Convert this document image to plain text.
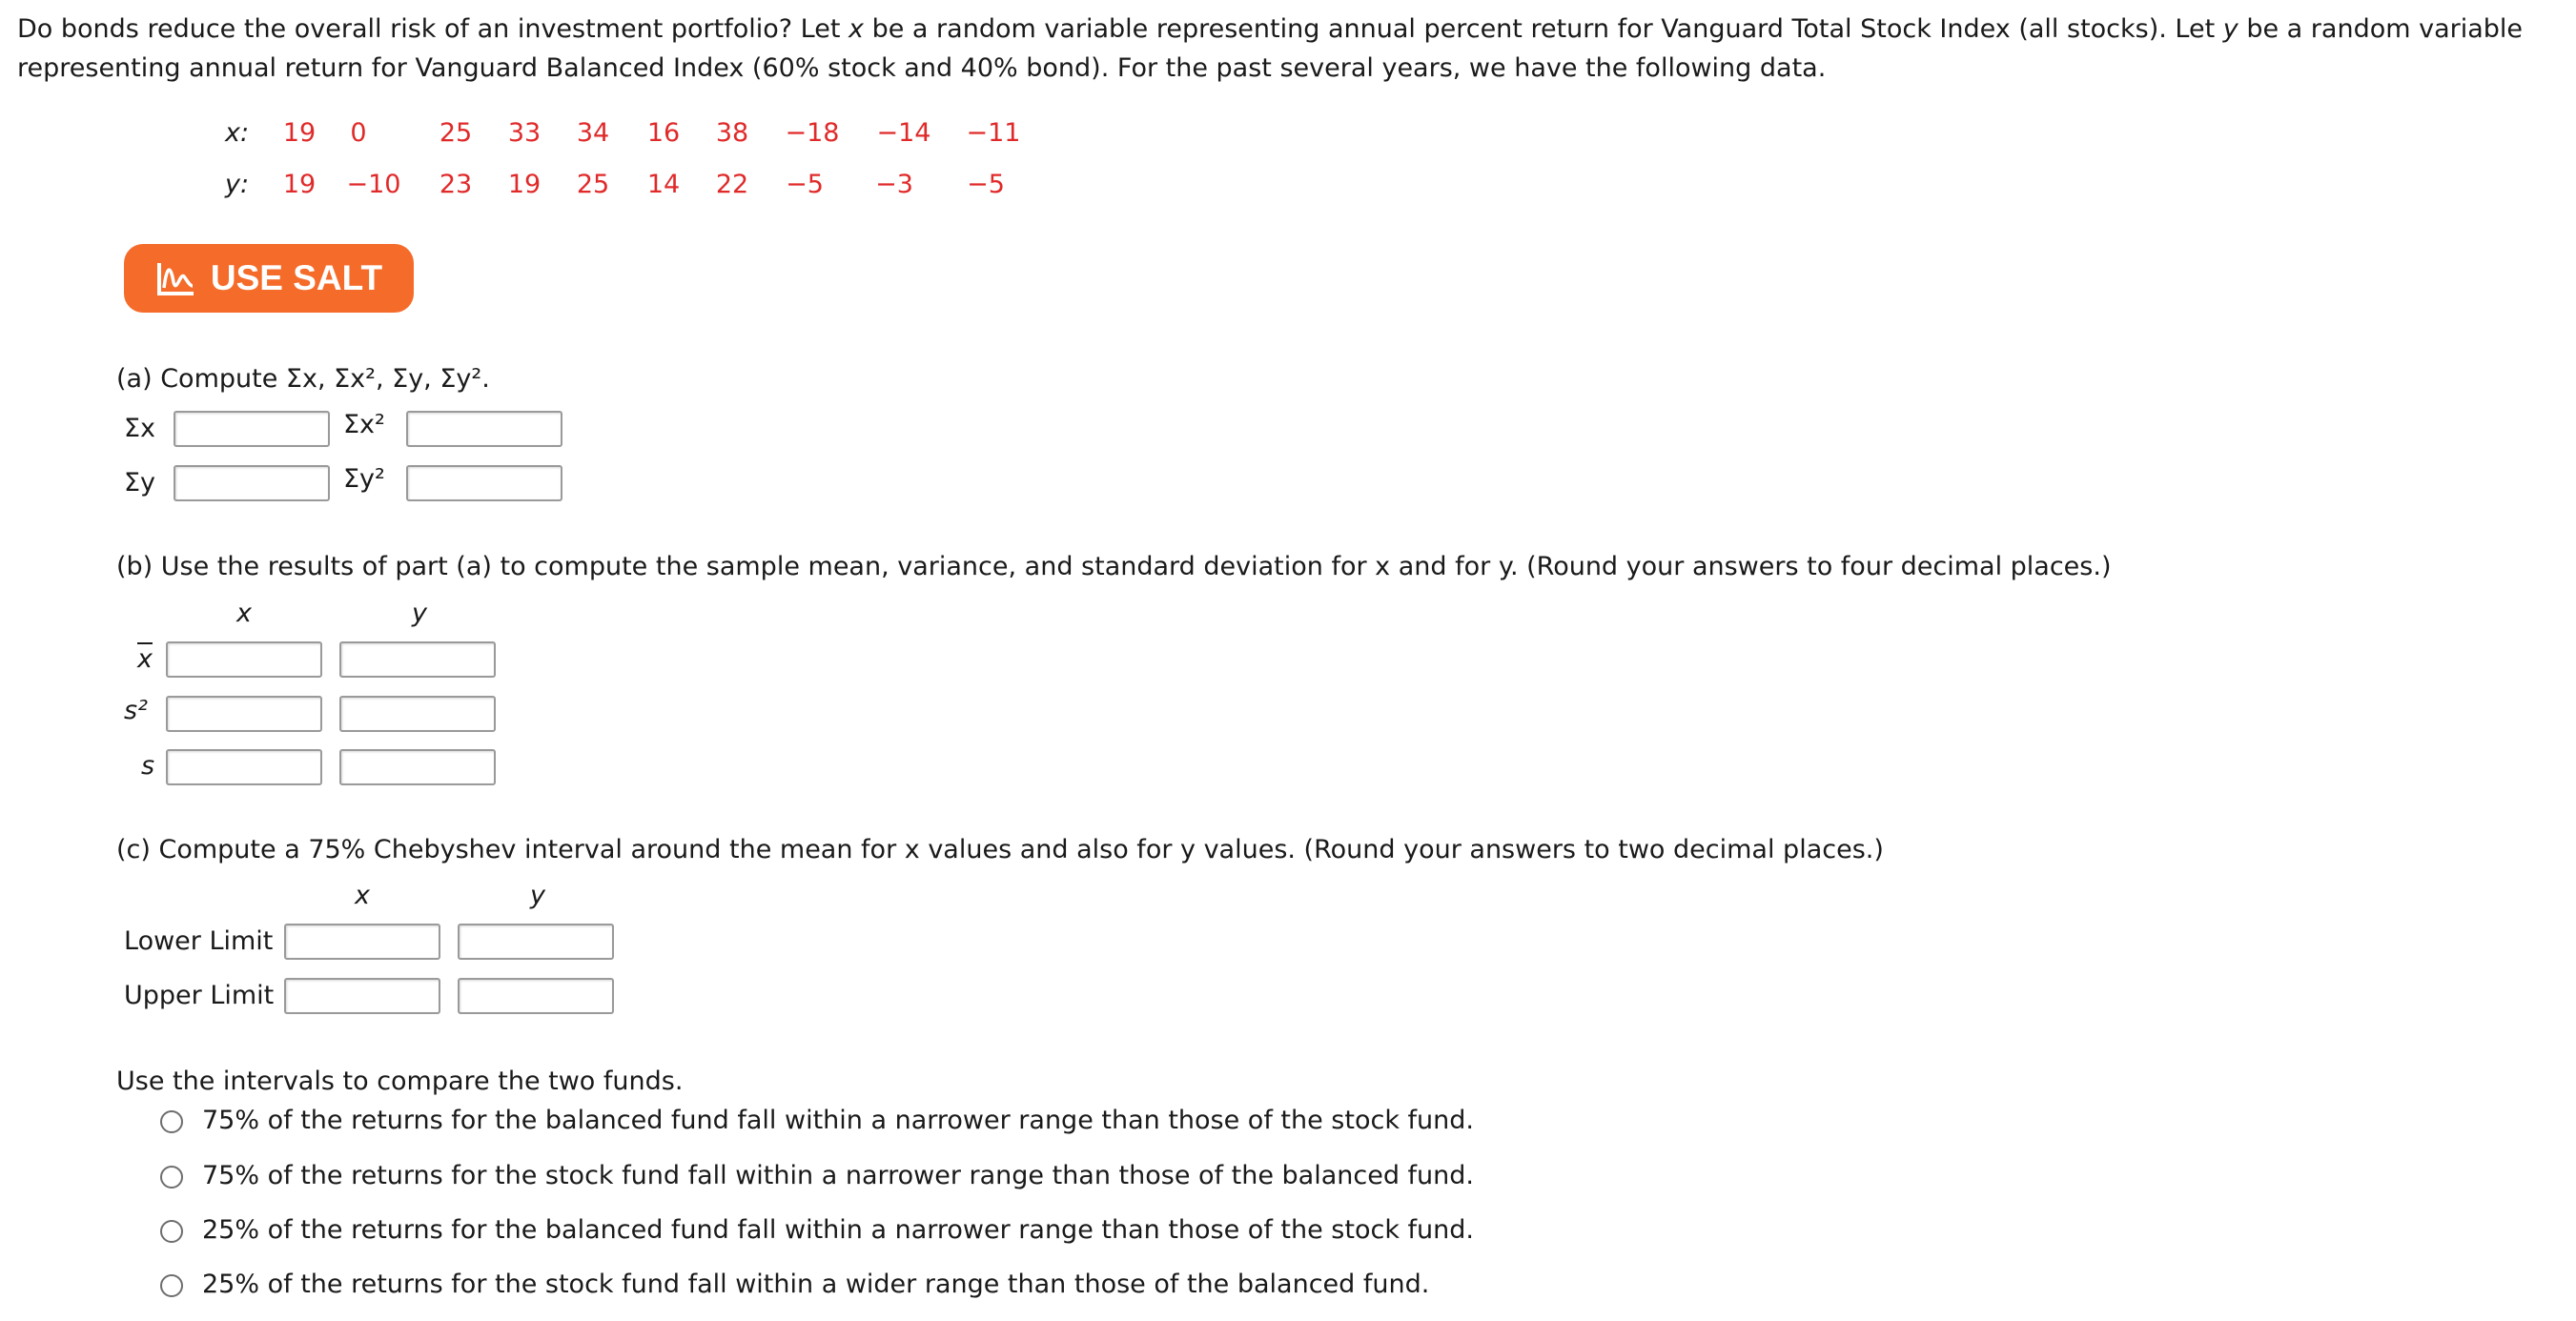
Do bonds reduce the overall risk of an investment portfolio? Let x be a random variable representing annual percent return for Vanguard Total Stock Index (all stocks). Let y be a random variable representing annual return for Vanguard Balanced Index (60% stock and 40% bond). For the past several years, we have the following data.
x:	19	0	25	33	34	16	38	−18 −14 −11
y:	19	−10	23	19	25	14	22	−5	−3	−5
USE SALT
(a) Compute Σx, Σx², Σy, Σy².
Σx	Σx²
Σy	Σy²
(b) Use the results of part (a) to compute the sample mean, variance, and standard deviation for x and for y. (Round your answers to four decimal places.)
x	y
$\overline{x}$
s²
s
(c) Compute a 75% Chebyshev interval around the mean for x values and also for y values. (Round your answers to two decimal places.)
x	y
Lower Limit
Upper Limit
Use the intervals to compare the two funds.
75% of the returns for the balanced fund fall within a narrower range than those of the stock fund.
75% of the returns for the stock fund fall within a narrower range than those of the balanced fund.
25% of the returns for the balanced fund fall within a narrower range than those of the stock fund.
25% of the returns for the stock fund fall within a wider range than those of the balanced fund.
